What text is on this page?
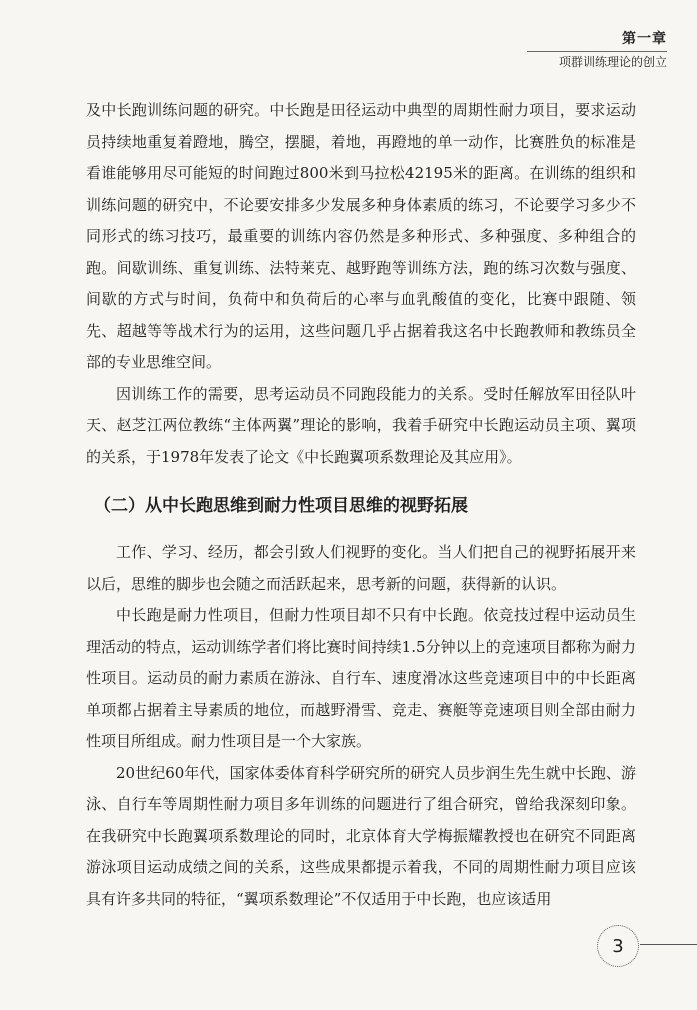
第一章
项群训练理论的创立

及中长跑训练问题的研究。中长跑是田径运动中典型的周期性耐力项目，要求运动员持续地重复着蹬地，腾空，摆腿，着地，再蹬地的单一动作，比赛胜负的标准是看谁能够用尽可能短的时间跑过800米到马拉松42195米的距离。在训练的组织和训练问题的研究中，不论要安排多少发展多种身体素质的练习，不论要学习多少不同形式的练习技巧，最重要的训练内容仍然是多种形式、多种强度、多种组合的跑。间歇训练、重复训练、法特莱克、越野跑等训练方法，跑的练习次数与强度、间歇的方式与时间，负荷中和负荷后的心率与血乳酸值的变化，比赛中跟随、领先、超越等等战术行为的运用，这些问题几乎占据着我这名中长跑教师和教练员全部的专业思维空间。

因训练工作的需要，思考运动员不同跑段能力的关系。受时任解放军田径队叶天、赵芝江两位教练“主体两翼”理论的影响，我着手研究中长跑运动员主项、翼项的关系，于1978年发表了论文《中长跑翼项系数理论及其应用》。

（二）从中长跑思维到耐力性项目思维的视野拓展

工作、学习、经历，都会引致人们视野的变化。当人们把自己的视野拓展开来以后，思维的脚步也会随之而活跃起来，思考新的问题，获得新的认识。

中长跑是耐力性项目，但耐力性项目却不只有中长跑。依竞技过程中运动员生理活动的特点，运动训练学者们将比赛时间持续1.5分钟以上的竞速项目都称为耐力性项目。运动员的耐力素质在游泳、自行车、速度滑冰这些竞速项目中的中长距离单项都占据着主导素质的地位，而越野滑雪、竞走、赛艇等竞速项目则全部由耐力性项目所组成。耐力性项目是一个大家族。

20世纪60年代，国家体委体育科学研究所的研究人员步润生先生就中长跑、游泳、自行车等周期性耐力项目多年训练的问题进行了组合研究，曾给我深刻印象。在我研究中长跑翼项系数理论的同时，北京体育大学梅振耀教授也在研究不同距离游泳项目运动成绩之间的关系，这些成果都提示着我，不同的周期性耐力项目应该具有许多共同的特征，“翼项系数理论”不仅适用于中长跑，也应该适用

3
